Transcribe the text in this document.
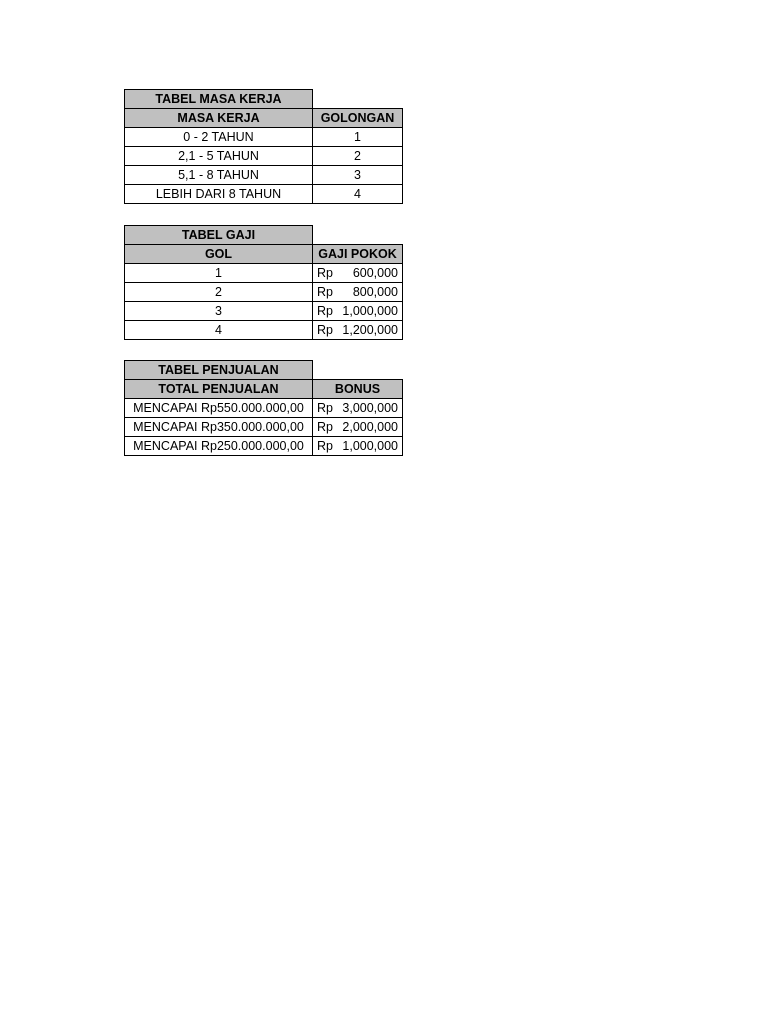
TABEL MASA KERJA	
MASA KERJA	GOLONGAN
0 - 2 TAHUN	1
2,1 - 5 TAHUN	2
5,1 - 8 TAHUN	3
LEBIH DARI 8 TAHUN	4
TABEL GAJI	
GOL	GAJI POKOK
1	Rp 600,000

2	Rp 800,000

3	Rp 1,000,000

4	Rp 1,200,000
TABEL PENJUALAN	
TOTAL PENJUALAN	BONUS
MENCAPAI Rp550.000.000,00	Rp 3,000,000

MENCAPAI Rp350.000.000,00	Rp 2,000,000

MENCAPAI Rp250.000.000,00	Rp 1,000,000
